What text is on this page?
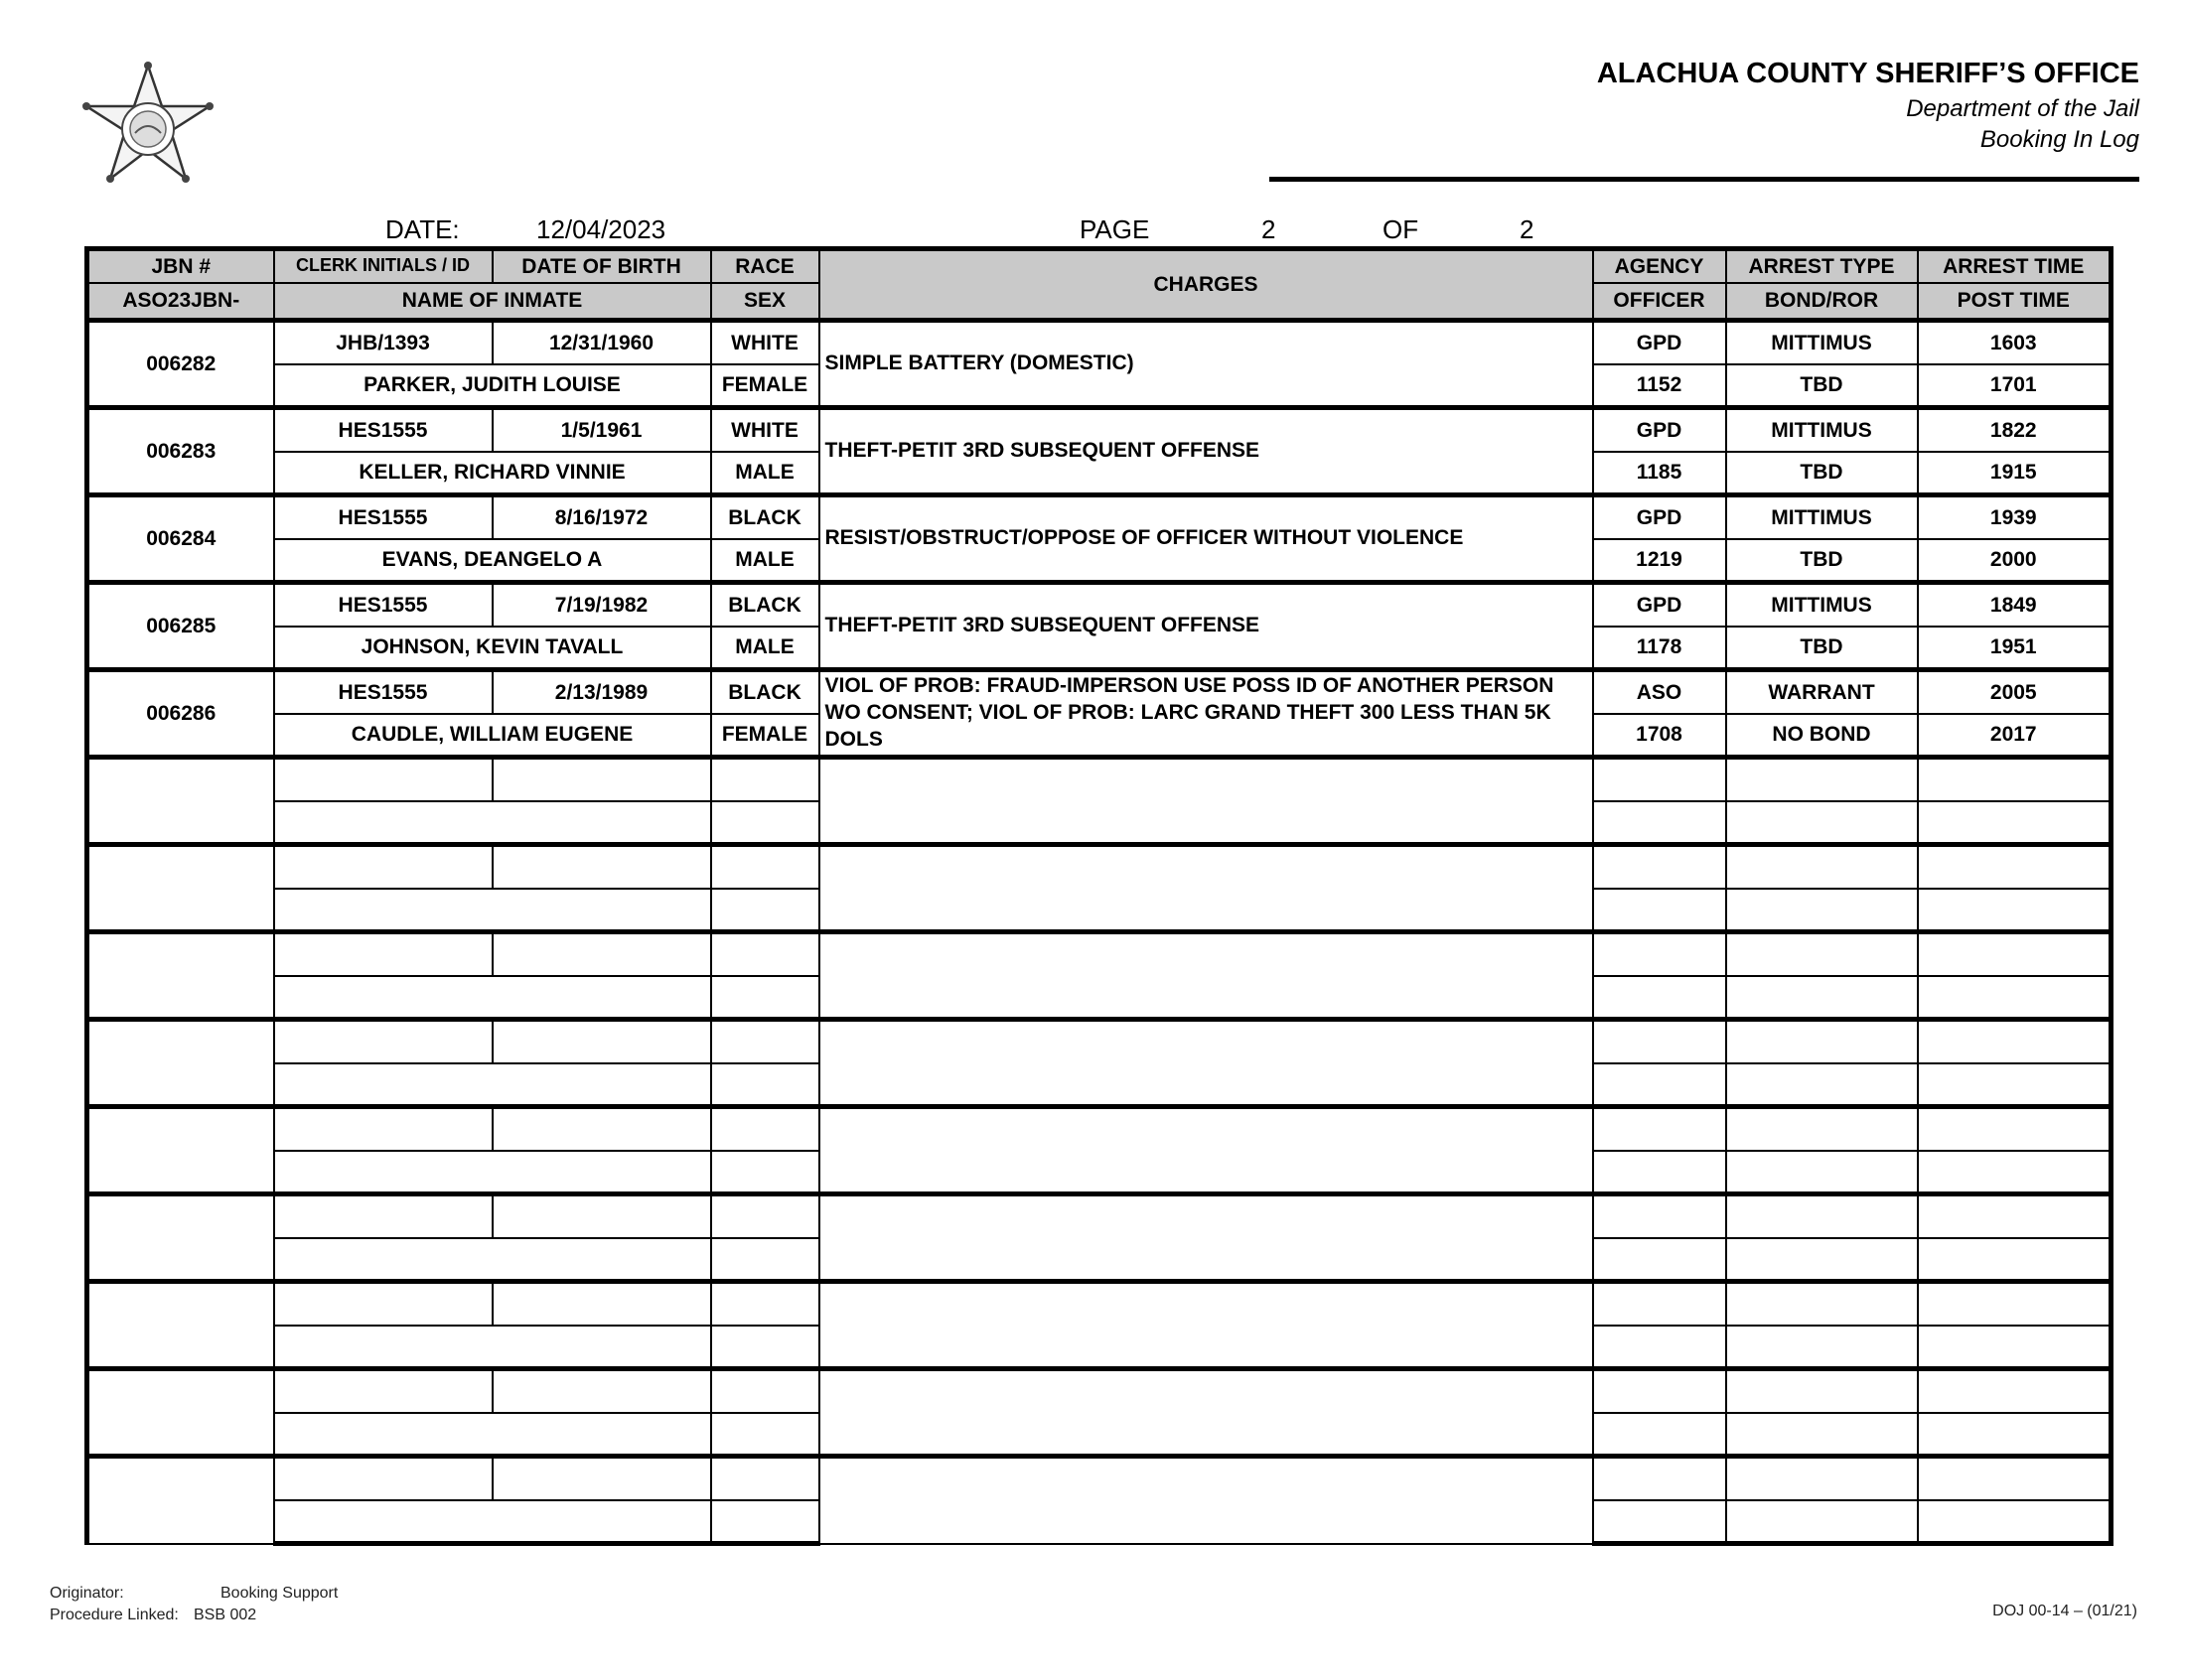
ALACHUA COUNTY SHERIFF’S OFFICE
Department of the Jail
Booking In Log
DATE:	12/04/2023	PAGE	2	OF	2
JBN #	CLERK INITIALS / ID	DATE OF BIRTH	RACE	CHARGES	AGENCY	ARREST TYPE	ARREST TIME
ASO23JBN-	NAME OF INMATE		SEX		OFFICER	BOND/ROR	POST TIME
006282	JHB/1393	12/31/1960	WHITE	SIMPLE BATTERY (DOMESTIC)	GPD	MITTIMUS	1603
	PARKER, JUDITH LOUISE		FEMALE		1152	TBD	1701
006283	HES1555	1/5/1961	WHITE	THEFT-PETIT 3RD SUBSEQUENT OFFENSE	GPD	MITTIMUS	1822
	KELLER, RICHARD VINNIE		MALE		1185	TBD	1915
006284	HES1555	8/16/1972	BLACK	RESIST/OBSTRUCT/OPPOSE OF OFFICER WITHOUT VIOLENCE	GPD	MITTIMUS	1939
	EVANS, DEANGELO A		MALE		1219	TBD	2000
006285	HES1555	7/19/1982	BLACK	THEFT-PETIT 3RD SUBSEQUENT OFFENSE	GPD	MITTIMUS	1849
	JOHNSON, KEVIN TAVALL		MALE		1178	TBD	1951
006286	HES1555	2/13/1989	BLACK	VIOL OF PROB: FRAUD-IMPERSON USE POSS ID OF ANOTHER PERSON WO CONSENT; VIOL OF PROB: LARC GRAND THEFT 300 LESS THAN 5K DOLS	ASO	WARRANT	2005
	CAUDLE, WILLIAM EUGENE		FEMALE		1708	NO BOND	2017

Originator:	Booking Support
Procedure Linked: BSB 002	DOJ 00-14 – (01/21)
